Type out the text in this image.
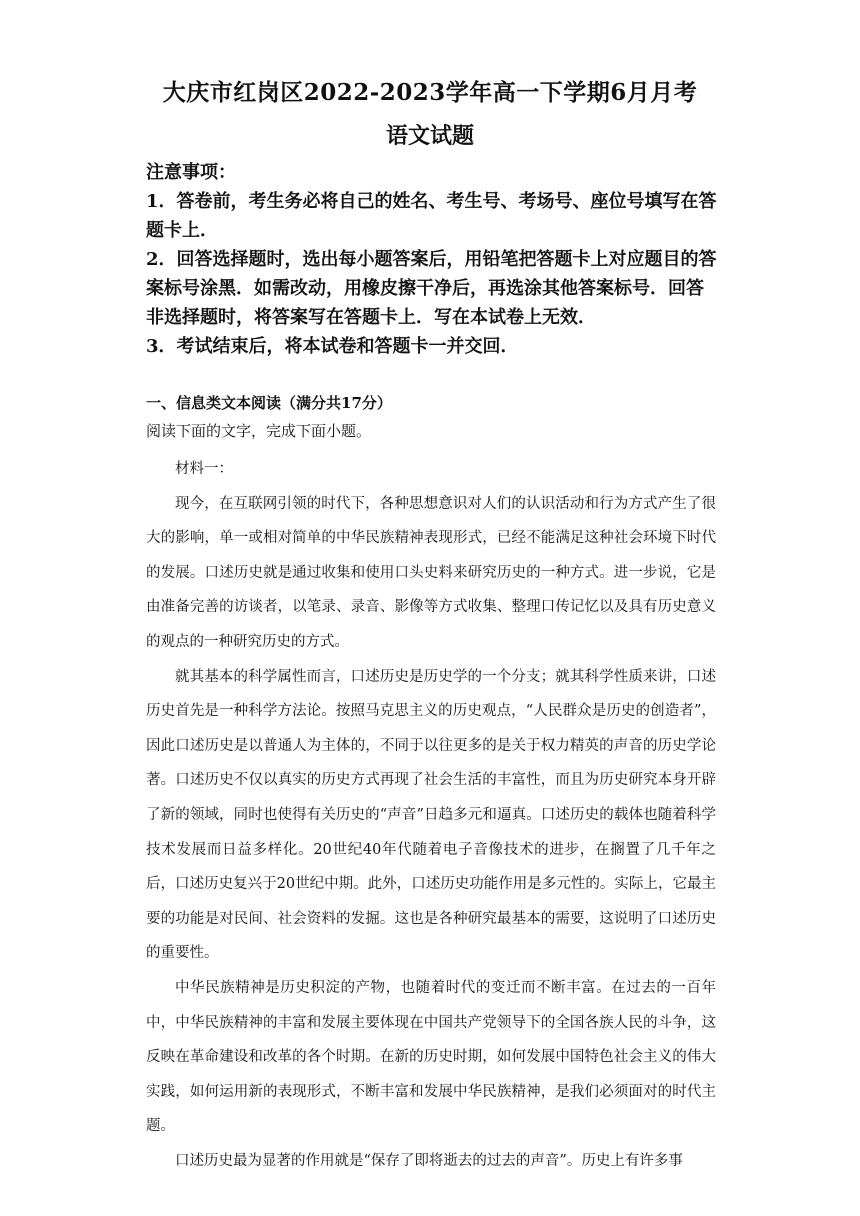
大庆市红岗区2022-2023学年高一下学期6月月考
语文试题

注意事项：

1．答卷前，考生务必将自己的姓名、考生号、考场号、座位号填写在答题卡上．

2．回答选择题时，选出每小题答案后，用铅笔把答题卡上对应题目的答案标号涂黑．如需改动，用橡皮擦干净后，再选涂其他答案标号．回答非选择题时，将答案写在答题卡上．写在本试卷上无效．

3．考试结束后，将本试卷和答题卡一并交回．

一、信息类文本阅读（满分共17分）
阅读下面的文字，完成下面小题。

材料一：

现今，在互联网引领的时代下，各种思想意识对人们的认识活动和行为方式产生了很大的影响，单一或相对简单的中华民族精神表现形式，已经不能满足这种社会环境下时代的发展。口述历史就是通过收集和使用口头史料来研究历史的一种方式。进一步说，它是由准备完善的访谈者，以笔录、录音、影像等方式收集、整理口传记忆以及具有历史意义的观点的一种研究历史的方式。

就其基本的科学属性而言，口述历史是历史学的一个分支；就其科学性质来讲，口述历史首先是一种科学方法论。按照马克思主义的历史观点，“人民群众是历史的创造者”，因此口述历史是以普通人为主体的，不同于以往更多的是关于权力精英的声音的历史学论著。口述历史不仅以真实的历史方式再现了社会生活的丰富性，而且为历史研究本身开辟了新的领域，同时也使得有关历史的“声音”日趋多元和逼真。口述历史的载体也随着科学技术发展而日益多样化。20世纪40年代随着电子音像技术的进步，在搁置了几千年之后，口述历史复兴于20世纪中期。此外，口述历史功能作用是多元性的。实际上，它最主要的功能是对民间、社会资料的发掘。这也是各种研究最基本的需要，这说明了口述历史的重要性。

中华民族精神是历史积淀的产物，也随着时代的变迁而不断丰富。在过去的一百年中，中华民族精神的丰富和发展主要体现在中国共产党领导下的全国各族人民的斗争，这反映在革命建设和改革的各个时期。在新的历史时期，如何发展中国特色社会主义的伟大实践，如何运用新的表现形式，不断丰富和发展中华民族精神，是我们必须面对的时代主题。

口述历史最为显著的作用就是“保存了即将逝去的过去的声音”。历史上有许多事
